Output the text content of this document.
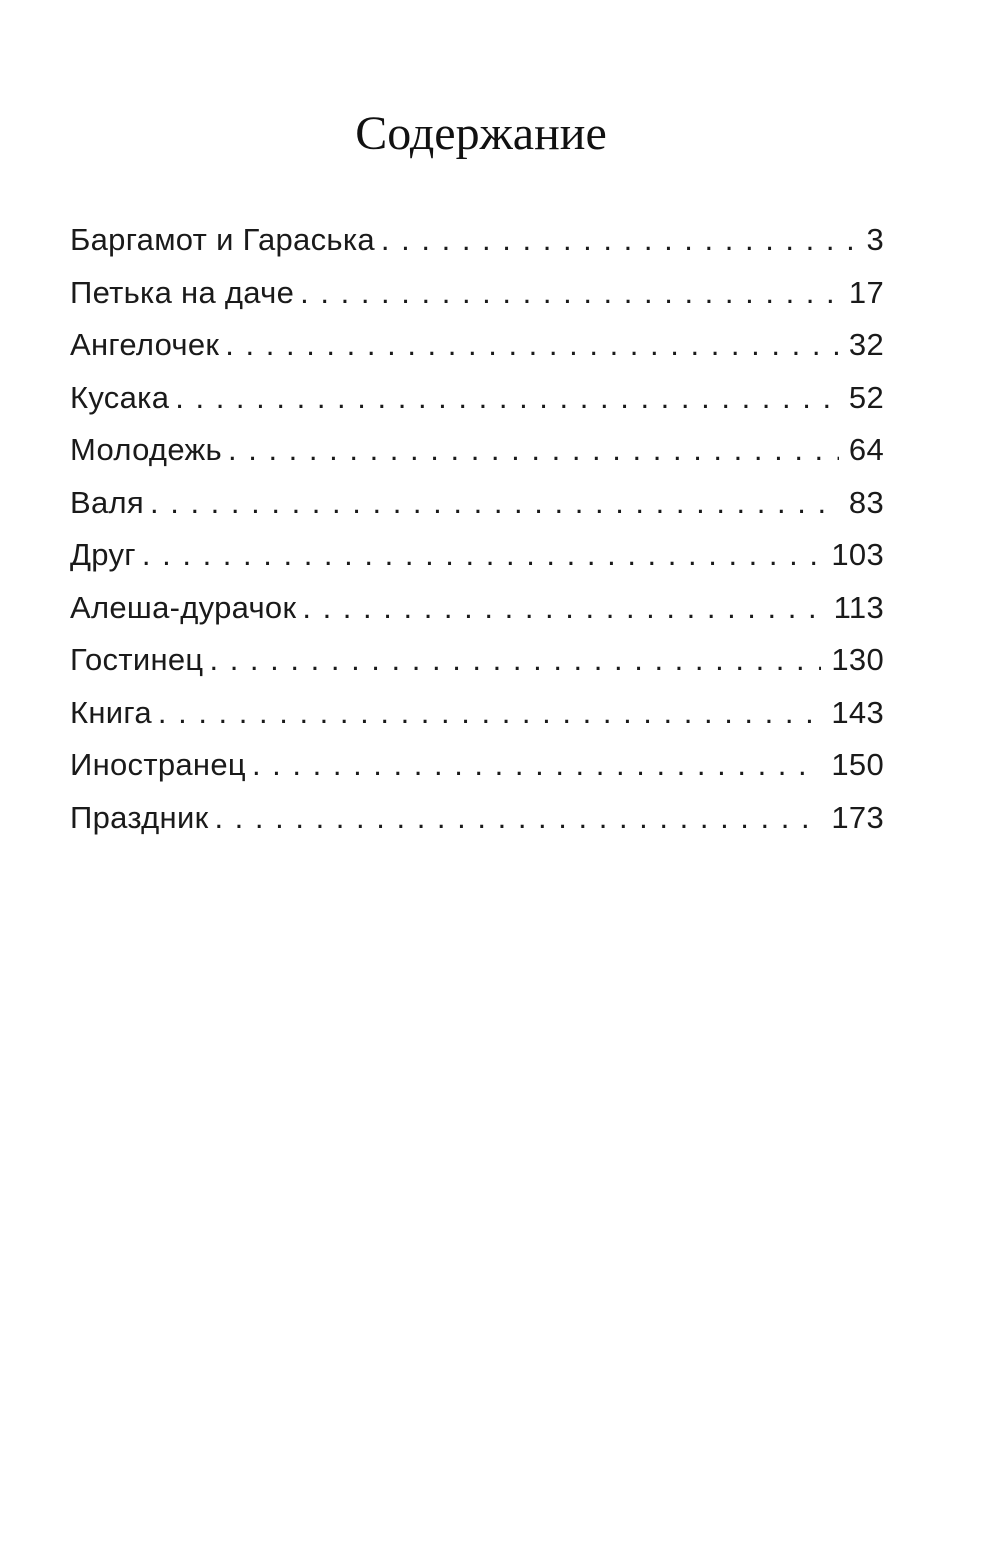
Содержание
Баргамот и Гараська . . .	3
Петька на даче . . .	17
Ангелочек . . .	32
Кусака . . .	52
Молодежь . . .	64
Валя . . .	83
Друг . . .	103
Алеша-дурачок . . .	113
Гостинец . . .	130
Книга . . .	143
Иностранец . . .	150
Праздник . . .	173
